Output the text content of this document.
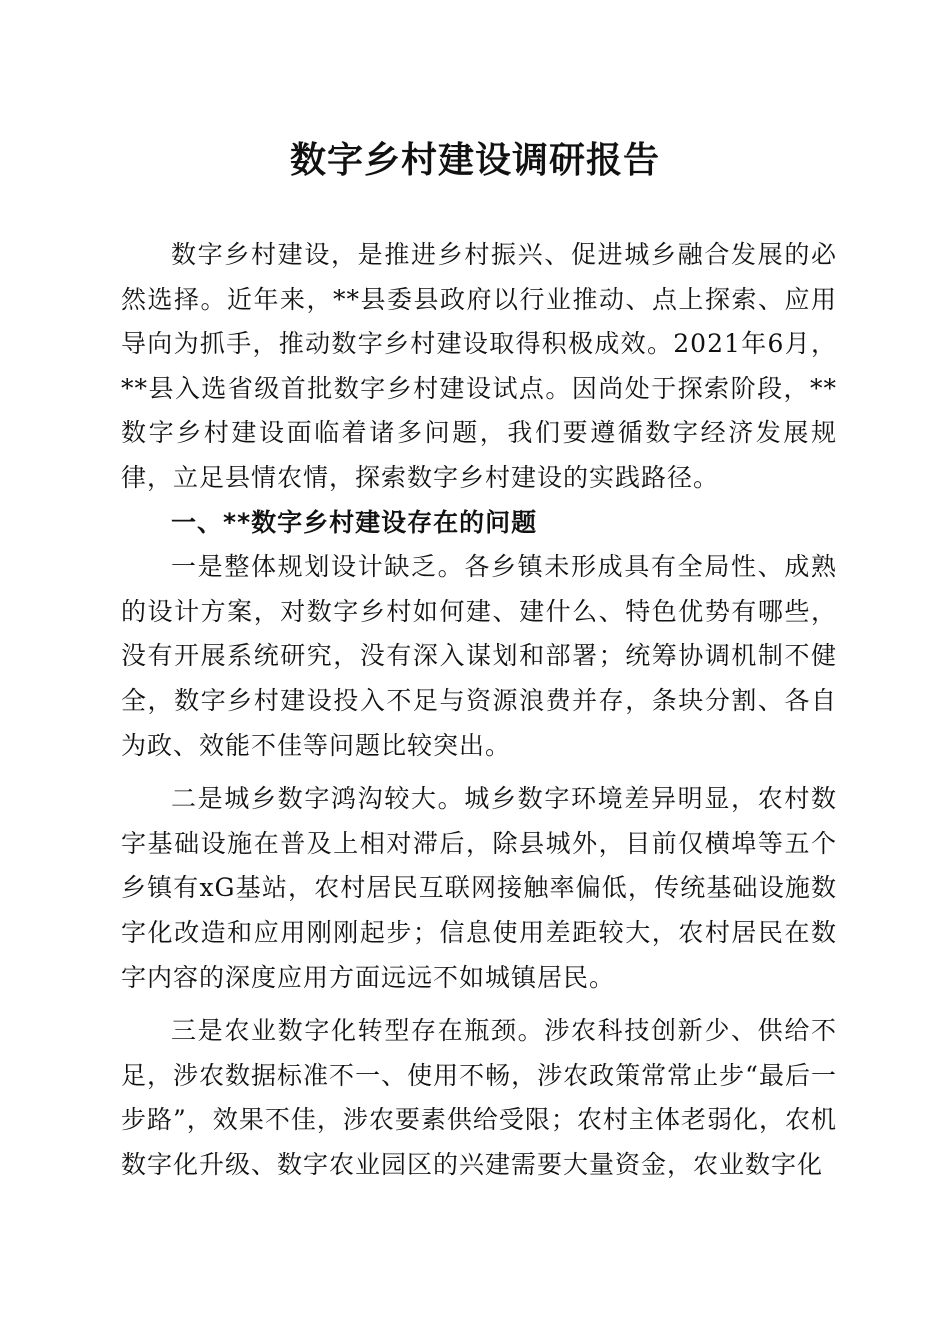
数字乡村建设调研报告

数字乡村建设，是推进乡村振兴、促进城乡融合发展的必然选择。近年来，**县委县政府以行业推动、点上探索、应用导向为抓手，推动数字乡村建设取得积极成效。2021年6月，**县入选省级首批数字乡村建设试点。因尚处于探索阶段，**数字乡村建设面临着诸多问题，我们要遵循数字经济发展规律，立足县情农情，探索数字乡村建设的实践路径。

一、**数字乡村建设存在的问题

一是整体规划设计缺乏。各乡镇未形成具有全局性、成熟的设计方案，对数字乡村如何建、建什么、特色优势有哪些，没有开展系统研究，没有深入谋划和部署；统筹协调机制不健全，数字乡村建设投入不足与资源浪费并存，条块分割、各自为政、效能不佳等问题比较突出。

二是城乡数字鸿沟较大。城乡数字环境差异明显，农村数字基础设施在普及上相对滞后，除县城外，目前仅横埠等五个乡镇有xG基站，农村居民互联网接触率偏低，传统基础设施数字化改造和应用刚刚起步；信息使用差距较大，农村居民在数字内容的深度应用方面远远不如城镇居民。

三是农业数字化转型存在瓶颈。涉农科技创新少、供给不足，涉农数据标准不一、使用不畅，涉农政策常常止步“最后一步路”，效果不佳，涉农要素供给受限；农村主体老弱化，农机数字化升级、数字农业园区的兴建需要大量资金，农业数字化
